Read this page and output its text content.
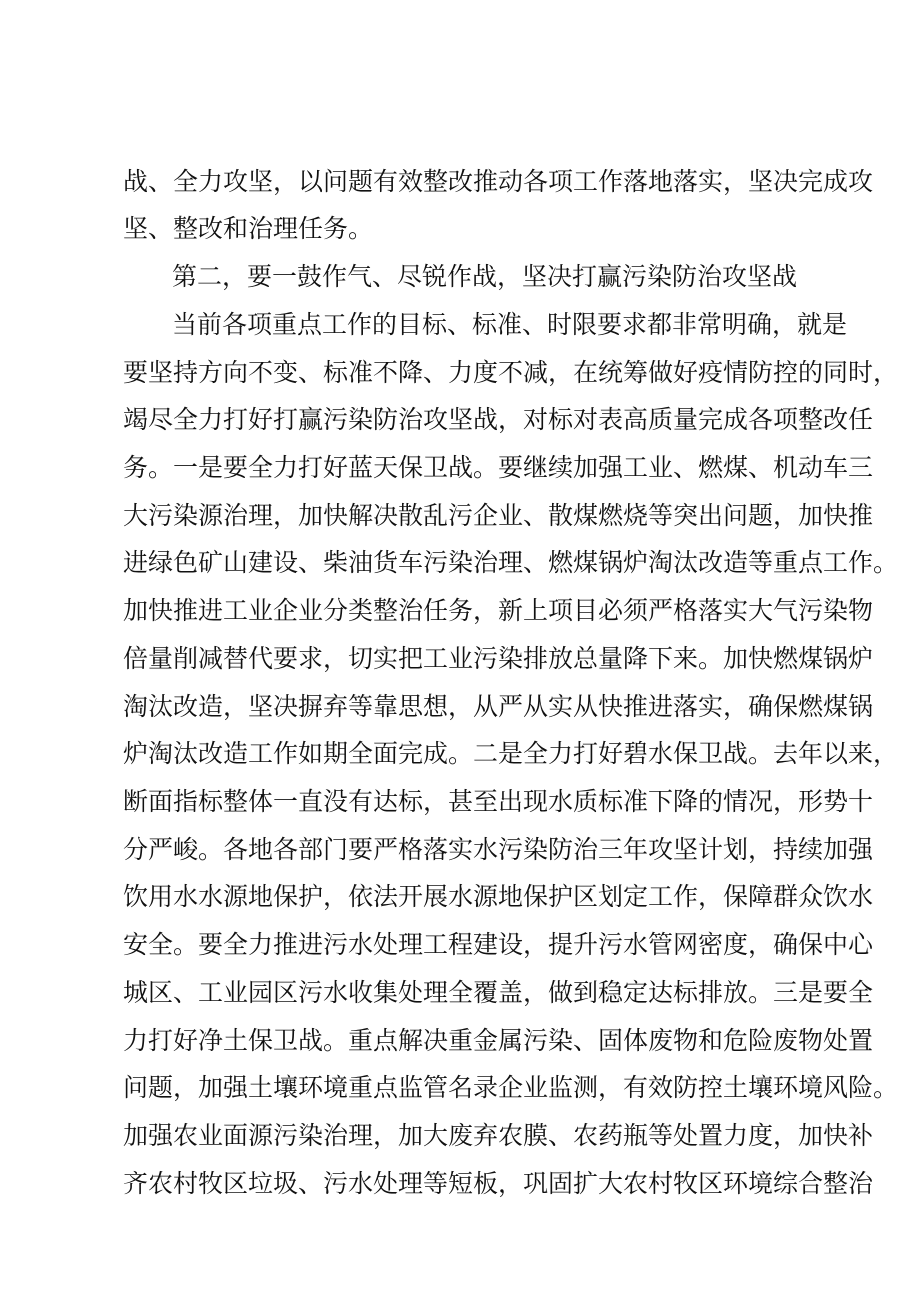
战、全力攻坚，以问题有效整改推动各项工作落地落实，坚决完成攻
坚、整改和治理任务。
第二，要一鼓作气、尽锐作战，坚决打赢污染防治攻坚战
当前各项重点工作的目标、标准、时限要求都非常明确，就是
要坚持方向不变、标准不降、力度不减，在统筹做好疫情防控的同时，
竭尽全力打好打赢污染防治攻坚战，对标对表高质量完成各项整改任
务。一是要全力打好蓝天保卫战。要继续加强工业、燃煤、机动车三
大污染源治理，加快解决散乱污企业、散煤燃烧等突出问题，加快推
进绿色矿山建设、柴油货车污染治理、燃煤锅炉淘汰改造等重点工作。
加快推进工业企业分类整治任务，新上项目必须严格落实大气污染物
倍量削减替代要求，切实把工业污染排放总量降下来。加快燃煤锅炉
淘汰改造，坚决摒弃等靠思想，从严从实从快推进落实，确保燃煤锅
炉淘汰改造工作如期全面完成。二是全力打好碧水保卫战。去年以来，
断面指标整体一直没有达标，甚至出现水质标准下降的情况，形势十
分严峻。各地各部门要严格落实水污染防治三年攻坚计划，持续加强
饮用水水源地保护，依法开展水源地保护区划定工作，保障群众饮水
安全。要全力推进污水处理工程建设，提升污水管网密度，确保中心
城区、工业园区污水收集处理全覆盖，做到稳定达标排放。三是要全
力打好净土保卫战。重点解决重金属污染、固体废物和危险废物处置
问题，加强土壤环境重点监管名录企业监测，有效防控土壤环境风险。
加强农业面源污染治理，加大废弃农膜、农药瓶等处置力度，加快补
齐农村牧区垃圾、污水处理等短板，巩固扩大农村牧区环境综合整治
